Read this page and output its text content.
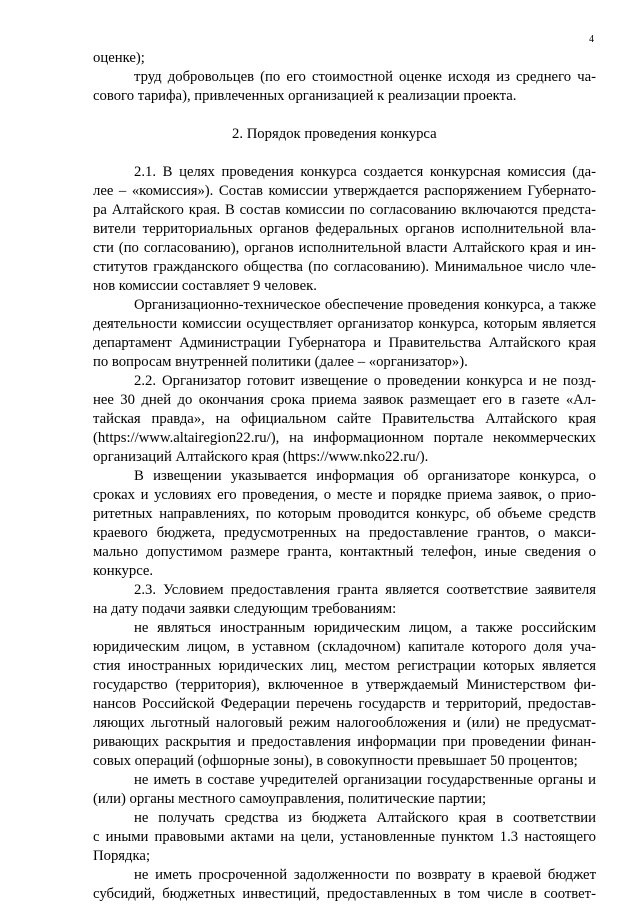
4
оценке);
труд добровольцев (по его стоимостной оценке исходя из среднего ча-
сового тарифа), привлеченных организацией к реализации проекта.
2. Порядок проведения конкурса
2.1. В целях проведения конкурса создается конкурсная комиссия (да-
лее – «комиссия»). Состав комиссии утверждается распоряжением Губернато-
ра Алтайского края. В состав комиссии по согласованию включаются предста-
вители территориальных органов федеральных органов исполнительной вла-
сти (по согласованию), органов исполнительной власти Алтайского края и ин-
ститутов гражданского общества (по согласованию). Минимальное число чле-
нов комиссии составляет 9 человек.
Организационно-техническое обеспечение проведения конкурса, а также
деятельности комиссии осуществляет организатор конкурса, которым является
департамент Администрации Губернатора и Правительства Алтайского края
по вопросам внутренней политики (далее – «организатор»).
2.2. Организатор готовит извещение о проведении конкурса и не позд-
нее 30 дней до окончания срока приема заявок размещает его в газете «Ал-
тайская правда», на официальном сайте Правительства Алтайского края
(https://www.altairegion22.ru/), на информационном портале некоммерческих
организаций Алтайского края (https://www.nko22.ru/).
В извещении указывается информация об организаторе конкурса, о
сроках и условиях его проведения, о месте и порядке приема заявок, о прио-
ритетных направлениях, по которым проводится конкурс, об объеме средств
краевого бюджета, предусмотренных на предоставление грантов, о макси-
мально допустимом размере гранта, контактный телефон, иные сведения о
конкурсе.
2.3. Условием предоставления гранта является соответствие заявителя
на дату подачи заявки следующим требованиям:
не являться иностранным юридическим лицом, а также российским
юридическим лицом, в уставном (складочном) капитале которого доля уча-
стия иностранных юридических лиц, местом регистрации которых является
государство (территория), включенное в утверждаемый Министерством фи-
нансов Российской Федерации перечень государств и территорий, предостав-
ляющих льготный налоговый режим налогообложения и (или) не предусмат-
ривающих раскрытия и предоставления информации при проведении финан-
совых операций (офшорные зоны), в совокупности превышает 50 процентов;
не иметь в составе учредителей организации государственные органы и
(или) органы местного самоуправления, политические партии;
не получать средства из бюджета Алтайского края в соответствии
с иными правовыми актами на цели, установленные пунктом 1.3 настоящего
Порядка;
не иметь просроченной задолженности по возврату в краевой бюджет
субсидий, бюджетных инвестиций, предоставленных в том числе в соответ-
